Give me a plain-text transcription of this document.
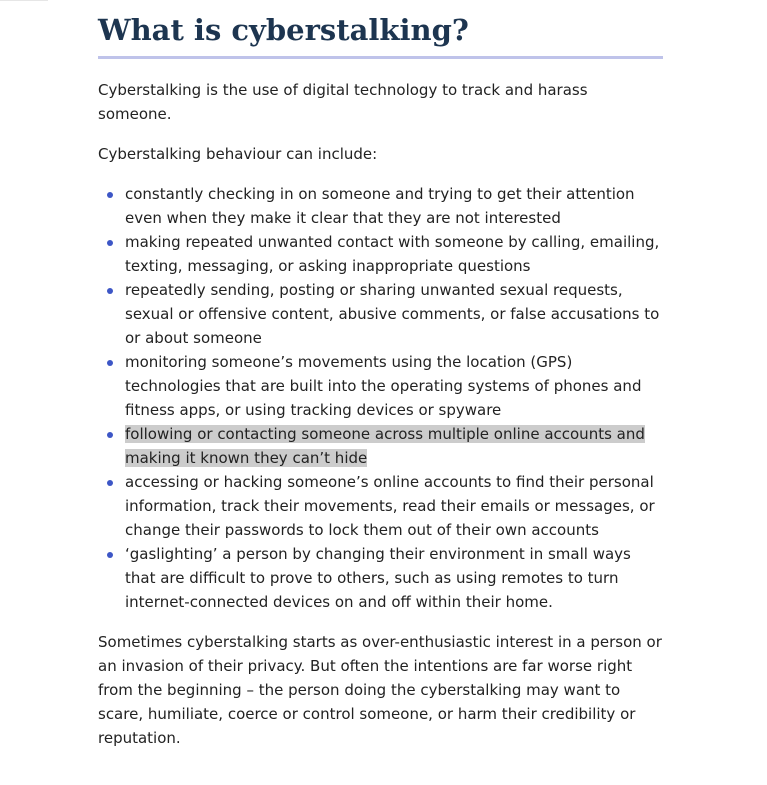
What is cyberstalking?

Cyberstalking is the use of digital technology to track and harass someone.

Cyberstalking behaviour can include:

constantly checking in on someone and trying to get their attention even when they make it clear that they are not interested
making repeated unwanted contact with someone by calling, emailing, texting, messaging, or asking inappropriate questions
repeatedly sending, posting or sharing unwanted sexual requests, sexual or offensive content, abusive comments, or false accusations to or about someone
monitoring someone’s movements using the location (GPS) technologies that are built into the operating systems of phones and fitness apps, or using tracking devices or spyware
following or contacting someone across multiple online accounts and making it known they can’t hide
accessing or hacking someone’s online accounts to find their personal information, track their movements, read their emails or messages, or change their passwords to lock them out of their own accounts
‘gaslighting’ a person by changing their environment in small ways that are difficult to prove to others, such as using remotes to turn internet-connected devices on and off within their home.

Sometimes cyberstalking starts as over-enthusiastic interest in a person or an invasion of their privacy. But often the intentions are far worse right from the beginning – the person doing the cyberstalking may want to scare, humiliate, coerce or control someone, or harm their credibility or reputation.
